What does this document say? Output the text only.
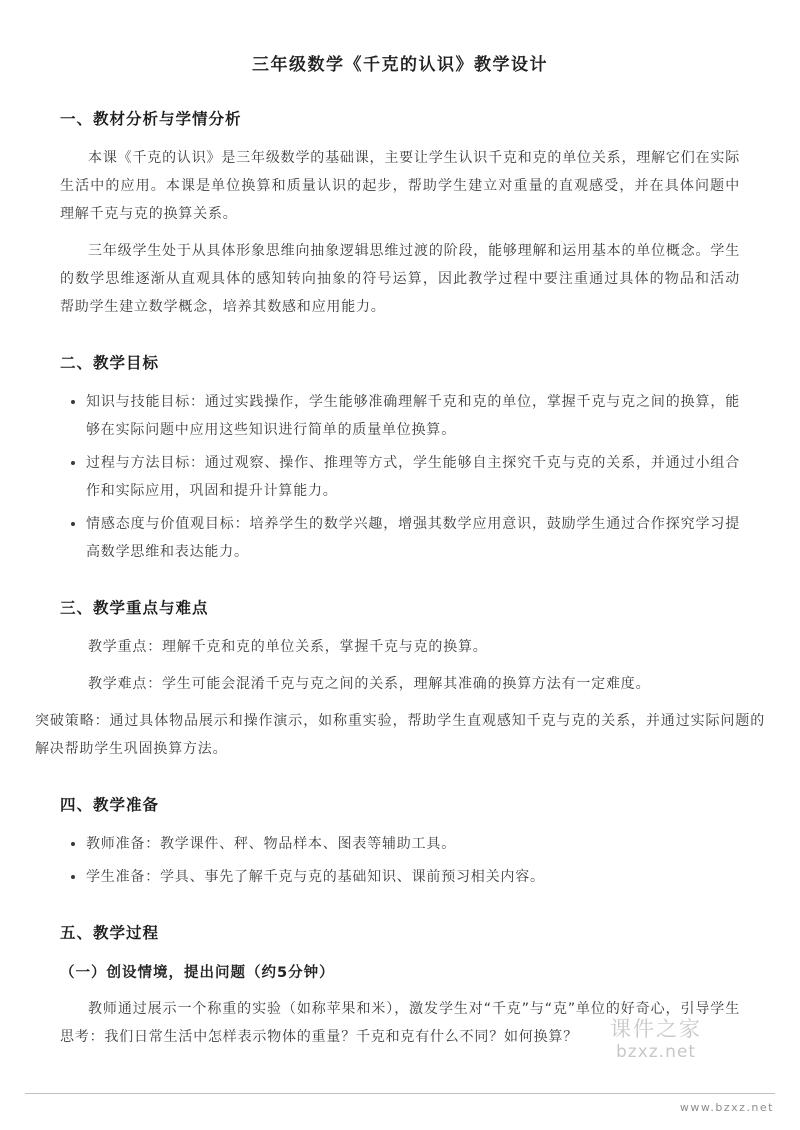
三年级数学《千克的认识》教学设计
一、教材分析与学情分析

本课《千克的认识》是三年级数学的基础课，主要让学生认识千克和克的单位关系，理解它们在实际生活中的应用。本课是单位换算和质量认识的起步，帮助学生建立对重量的直观感受，并在具体问题中理解千克与克的换算关系。

三年级学生处于从具体形象思维向抽象逻辑思维过渡的阶段，能够理解和运用基本的单位概念。学生的数学思维逐渐从直观具体的感知转向抽象的符号运算，因此教学过程中要注重通过具体的物品和活动帮助学生建立数学概念，培养其数感和应用能力。

二、教学目标
• 知识与技能目标：通过实践操作，学生能够准确理解千克和克的单位，掌握千克与克之间的换算，能够在实际问题中应用这些知识进行简单的质量单位换算。
• 过程与方法目标：通过观察、操作、推理等方式，学生能够自主探究千克与克的关系，并通过小组合作和实际应用，巩固和提升计算能力。
• 情感态度与价值观目标：培养学生的数学兴趣，增强其数学应用意识，鼓励学生通过合作探究学习提高数学思维和表达能力。
三、教学重点与难点

教学重点：理解千克和克的单位关系，掌握千克与克的换算。

教学难点：学生可能会混淆千克与克之间的关系，理解其准确的换算方法有一定难度。

突破策略：通过具体物品展示和操作演示，如称重实验，帮助学生直观感知千克与克的关系，并通过实际问题的解决帮助学生巩固换算方法。

四、教学准备
• 教师准备：教学课件、秤、物品样本、图表等辅助工具。
• 学生准备：学具、事先了解千克与克的基础知识、课前预习相关内容。
五、教学过程
（一）创设情境，提出问题（约5分钟）

教师通过展示一个称重的实验（如称苹果和米），激发学生对“千克”与“克”单位的好奇心，引导学生思考：我们日常生活中怎样表示物体的重量？千克和克有什么不同？如何换算？	课件之家
bzxz.net
www.bzxz.net
